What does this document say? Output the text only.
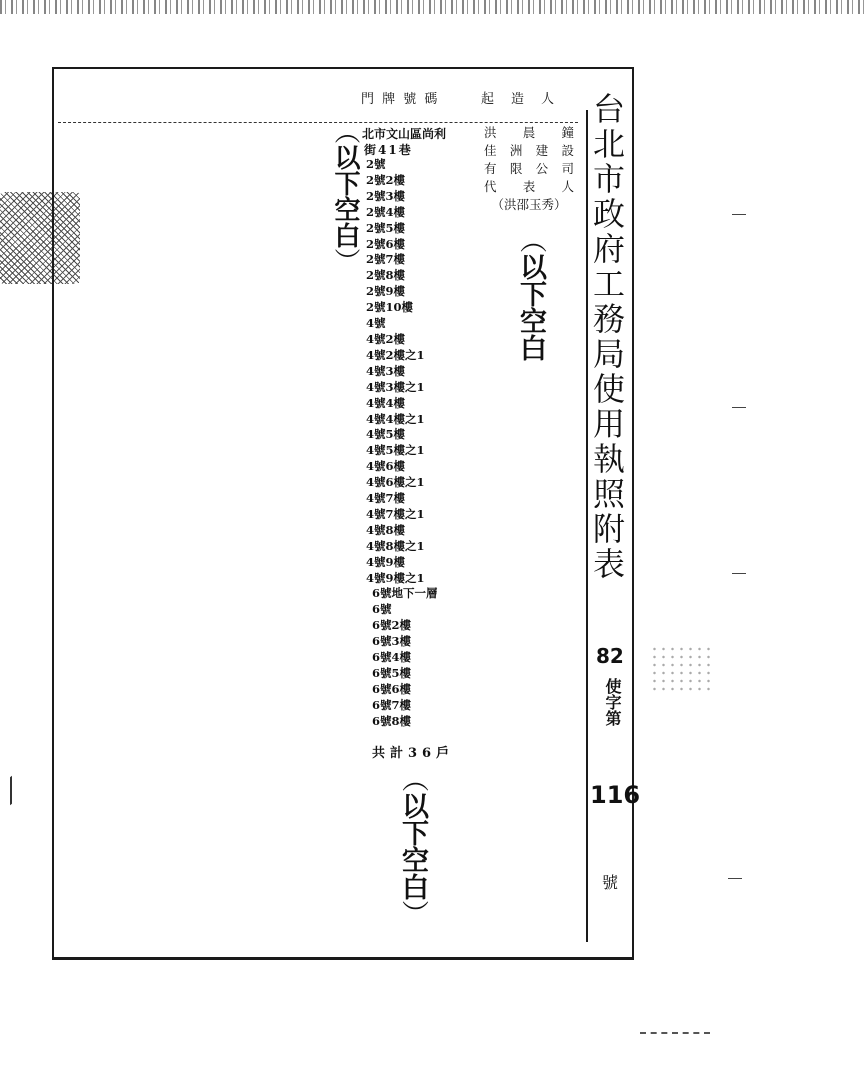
門 牌 號 碼	起　造　人
洪 晨 鐘
佳 洲 建 設
有 限 公 司
代 表 人
（洪邵玉秀）
北市文山區尚利
街41巷
2號
2號2樓
2號3樓
2號4樓
2號5樓
2號6樓
2號7樓
2號8樓
2號9樓
2號10樓
4號
4號2樓
4號2樓之1
4號3樓
4號3樓之1
4號4樓
4號4樓之1
4號5樓
4號5樓之1
4號6樓
4號6樓之1
4號7樓
4號7樓之1
4號8樓
4號8樓之1
4號9樓
4號9樓之1
6號地下一層
6號
6號2樓
6號3樓
6號4樓
6號5樓
6號6樓
6號7樓
6號8樓
共計36戶
︵以下空白︶
︵以下空白
︵以下空白︶
台北市政府工務局使用執照附表
82
使字第
116
號
